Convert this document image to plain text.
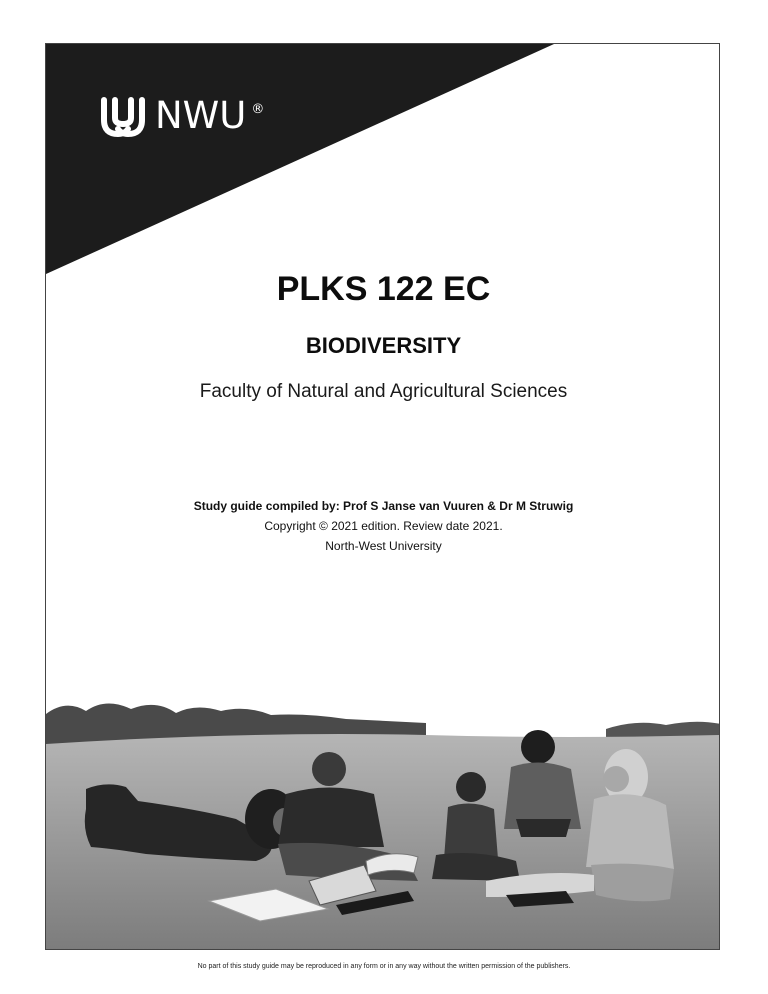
NWU ®
PLKS 122 EC
BIODIVERSITY

Faculty of Natural and Agricultural Sciences

Study guide compiled by: Prof S Janse van Vuuren & Dr M Struwig
Copyright © 2021 edition. Review date 2021.
North-West University
No part of this study guide may be reproduced in any form or in any way without the written permission of the publishers.
